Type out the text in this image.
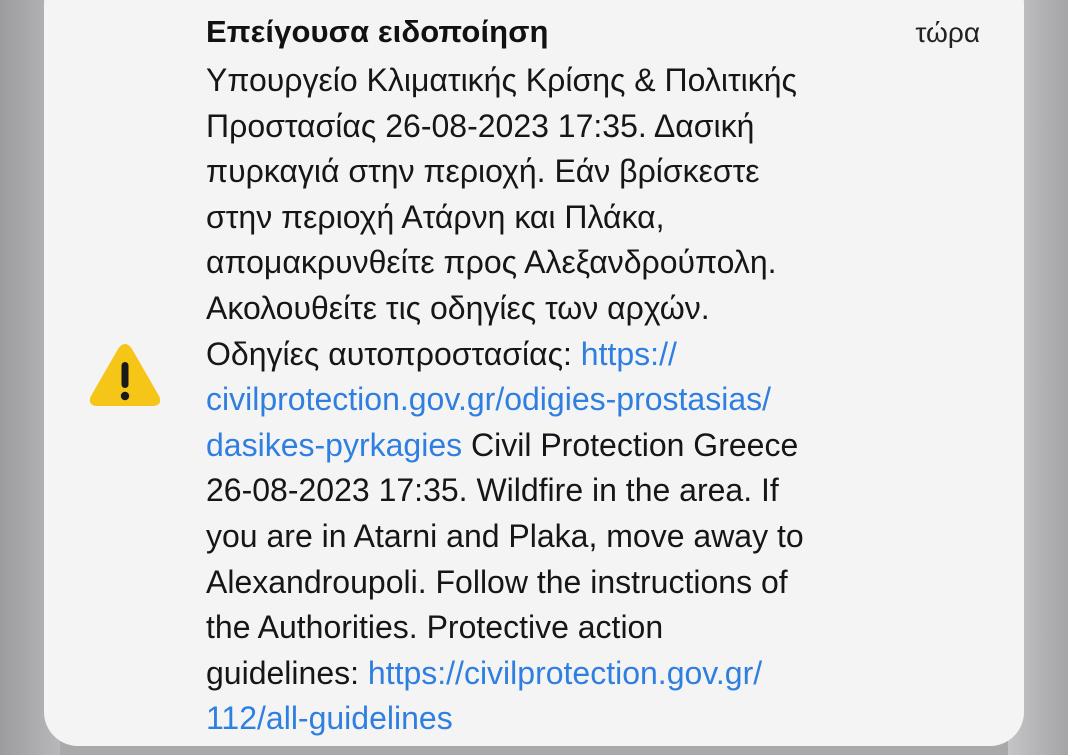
Επείγουσα ειδοποίηση	τώρα
Υπουργείο Κλιματικής Κρίσης & Πολιτικής
Προστασίας 26-08-2023 17:35. Δασική
πυρκαγιά στην περιοχή. Εάν βρίσκεστε
στην περιοχή Ατάρνη και Πλάκα,
απομακρυνθείτε προς Αλεξανδρούπολη.
Ακολουθείτε τις οδηγίες των αρχών.
Οδηγίες αυτοπροστασίας: https://
civilprotection.gov.gr/odigies-prostasias/
dasikes-pyrkagies Civil Protection Greece
26-08-2023 17:35. Wildfire in the area. If
you are in Atarni and Plaka, move away to
Alexandroupoli. Follow the instructions of
the Authorities. Protective action
guidelines: https://civilprotection.gov.gr/
112/all-guidelines
